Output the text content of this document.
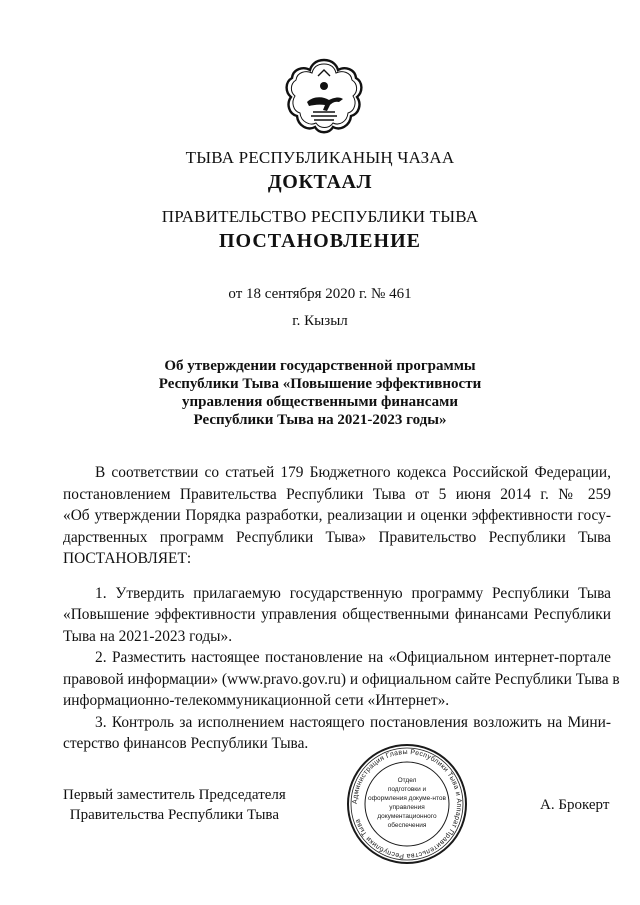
ТЫВА РЕСПУБЛИКАНЫҢ ЧАЗАА
ДОКТААЛ
ПРАВИТЕЛЬСТВО РЕСПУБЛИКИ ТЫВА
ПОСТАНОВЛЕНИЕ
от 18 сентября 2020 г. № 461
г. Кызыл
Об утверждении государственной программы
Республики Тыва «Повышение эффективности
управления общественными финансами
Республики Тыва на 2021-2023 годы»
В соответствии со статьей 179 Бюджетного кодекса Российской Федерации,
постановлением Правительства Республики Тыва от 5 июня 2014 г. № 259
«Об утверждении Порядка разработки, реализации и оценки эффективности госу-
дарственных программ Республики Тыва» Правительство Республики Тыва
ПОСТАНОВЛЯЕТ:
1. Утвердить прилагаемую государственную программу Республики Тыва
«Повышение эффективности управления общественными финансами Республики
Тыва на 2021-2023 годы».
2. Разместить настоящее постановление на «Официальном интернет-портале
правовой информации» (www.pravo.gov.ru) и официальном сайте Республики Тыва в
информационно-телекоммуникационной сети «Интернет».
3. Контроль за исполнением настоящего постановления возложить на Мини-
стерство финансов Республики Тыва.
Первый заместитель Председателя
Правительства Республики Тыва
Администрация Главы Республики Тыва и Аппарат Правительства Республики Тыва
Отдел
подготовки и
оформления докуме-нтов
управления
документационного
обеспечения
А. Брокерт
